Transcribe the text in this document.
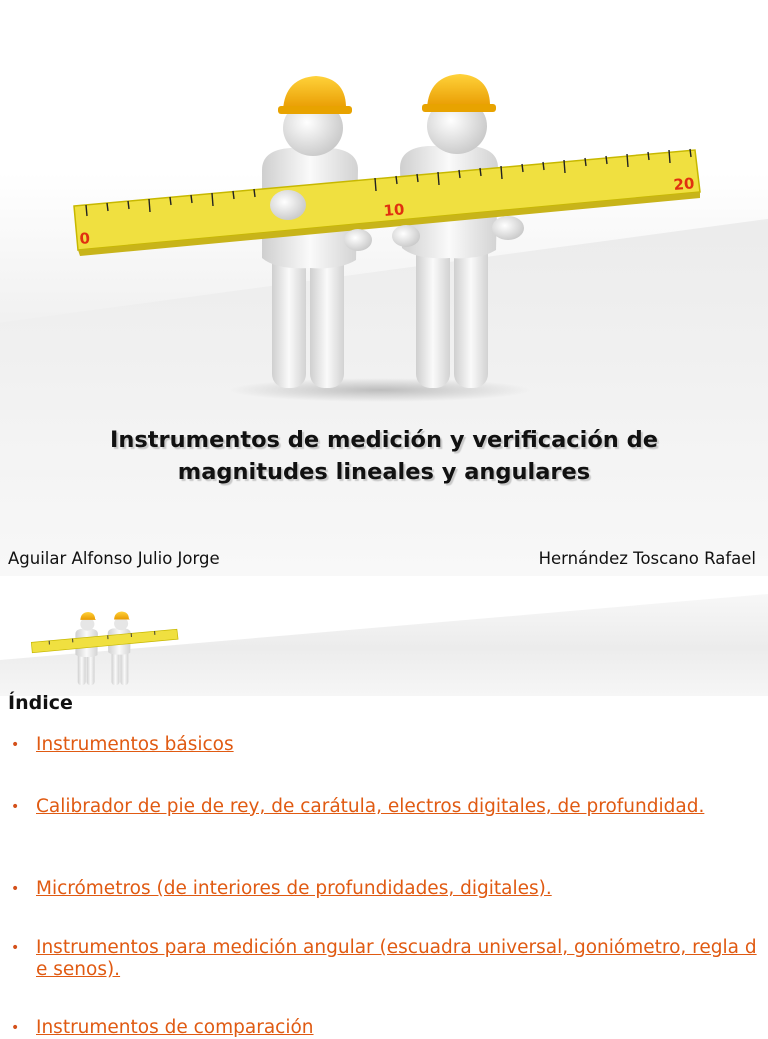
0
10
20
Instrumentos de medición y verificación de
magnitudes lineales y angulares
Aguilar Alfonso Julio Jorge	Hernández Toscano Rafael
Índice
• Instrumentos básicos
• Calibrador de pie de rey, de carátula, electros digitales, de profundidad.
• Micrómetros (de interiores de profundidades, digitales).
• Instrumentos para medición angular (escuadra universal, goniómetro, regla de senos).
• Instrumentos de comparación
